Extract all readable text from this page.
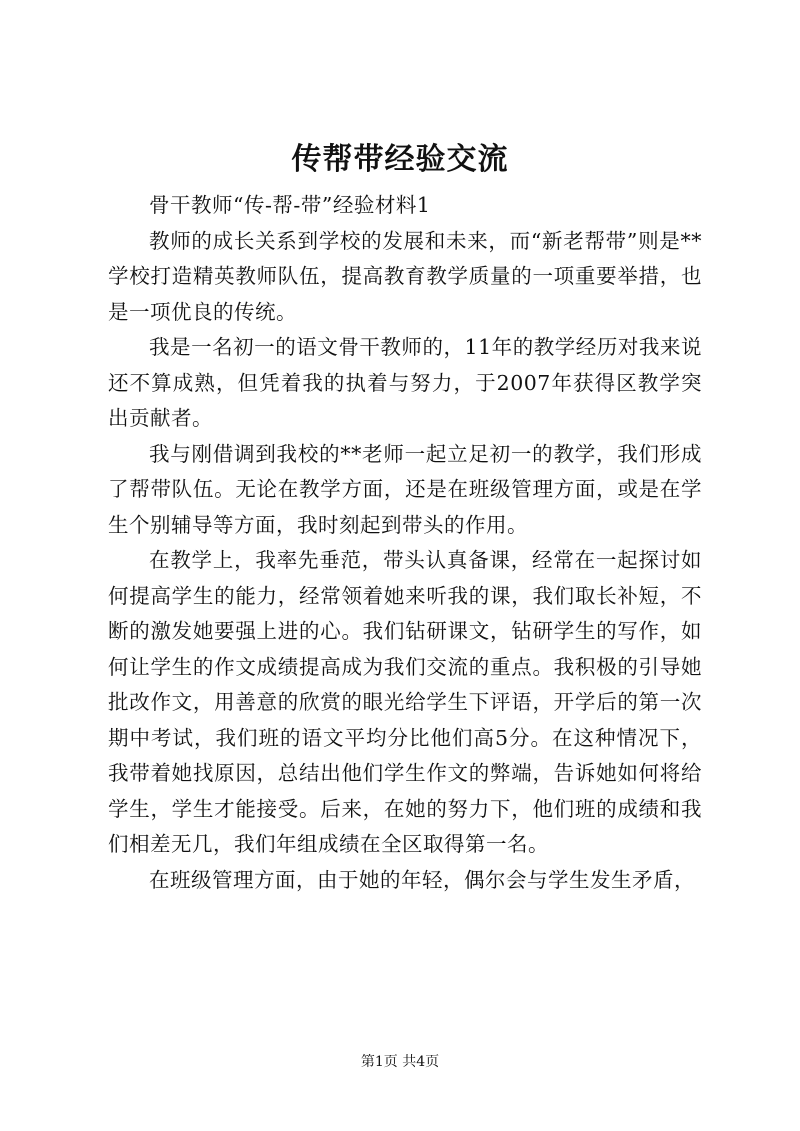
传帮带经验交流

骨干教师“传-帮-带”经验材料1

教师的成长关系到学校的发展和未来，而“新老帮带”则是**学校打造精英教师队伍，提高教育教学质量的一项重要举措，也是一项优良的传统。

我是一名初一的语文骨干教师的，11年的教学经历对我来说还不算成熟，但凭着我的执着与努力，于2007年获得区教学突出贡献者。

我与刚借调到我校的**老师一起立足初一的教学，我们形成了帮带队伍。无论在教学方面，还是在班级管理方面，或是在学生个别辅导等方面，我时刻起到带头的作用。

在教学上，我率先垂范，带头认真备课，经常在一起探讨如何提高学生的能力，经常领着她来听我的课，我们取长补短，不断的激发她要强上进的心。我们钻研课文，钻研学生的写作，如何让学生的作文成绩提高成为我们交流的重点。我积极的引导她批改作文，用善意的欣赏的眼光给学生下评语，开学后的第一次期中考试，我们班的语文平均分比他们高5分。在这种情况下，我带着她找原因，总结出他们学生作文的弊端，告诉她如何将给学生，学生才能接受。后来，在她的努力下，他们班的成绩和我们相差无几，我们年组成绩在全区取得第一名。

在班级管理方面，由于她的年轻，偶尔会与学生发生矛盾，

第1页 共4页
